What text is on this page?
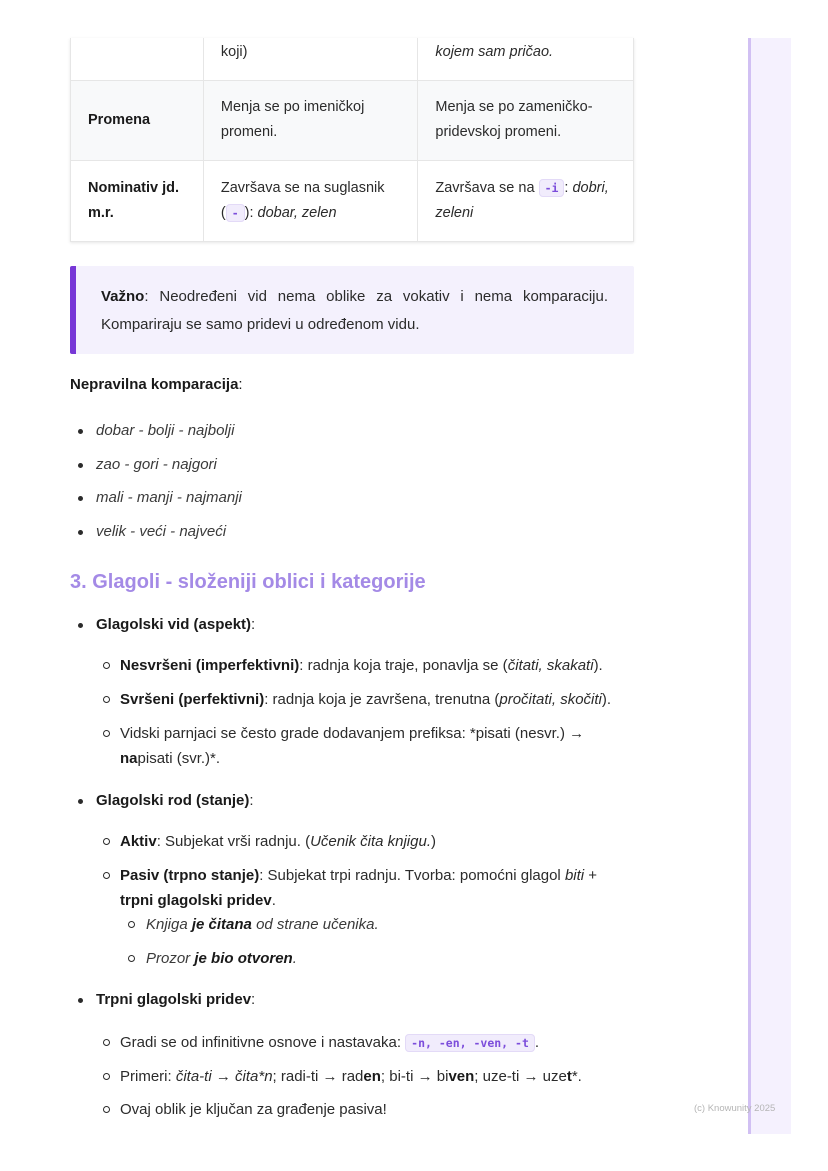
	koji)	kojem sam pričao.

Promena	Menja se po imeničkoj promeni.	Menja se po zameničko-pridevskoj promeni.
Nominativ jd. m.r.	Završava se na suglasnik ( - ): dobar, zelen	Završava se na -i : dobri, zeleni
Važno: Neodređeni vid nema oblike za vokativ i nema komparaciju. Kompariraju se samo pridevi u određenom vidu.
Nepravilna komparacija:
dobar - bolji - najbolji
zao - gori - najgori
mali - manji - najmanji
velik - veći - najveći
3. Glagoli - složeniji oblici i kategorije
Glagolski vid (aspekt):
Nesvršeni (imperfektivni): radnja koja traje, ponavlja se (čitati, skakati).
Svršeni (perfektivni): radnja koja je završena, trenutna (pročitati, skočiti).
Vidski parnjaci se često grade dodavanjem prefiksa: *pisati (nesvr.) → napisati (svr.)*.
Glagolski rod (stanje):
Aktiv: Subjekat vrši radnju. (Učenik čita knjigu.)
Pasiv (trpno stanje): Subjekat trpi radnju. Tvorba: pomoćni glagol biti + trpni glagolski pridev.
Knjiga je čitana od strane učenika.
Prozor je bio otvoren.
Trpni glagolski pridev:
Gradi se od infinitivne osnove i nastavaka: -n, -en, -ven, -t .
Primeri: čita-ti → čita*n; radi-ti → raden; bi-ti → biven; uze-ti → uzet*.
Ovaj oblik je ključan za građenje pasiva!	(c) Knowunity 2025
